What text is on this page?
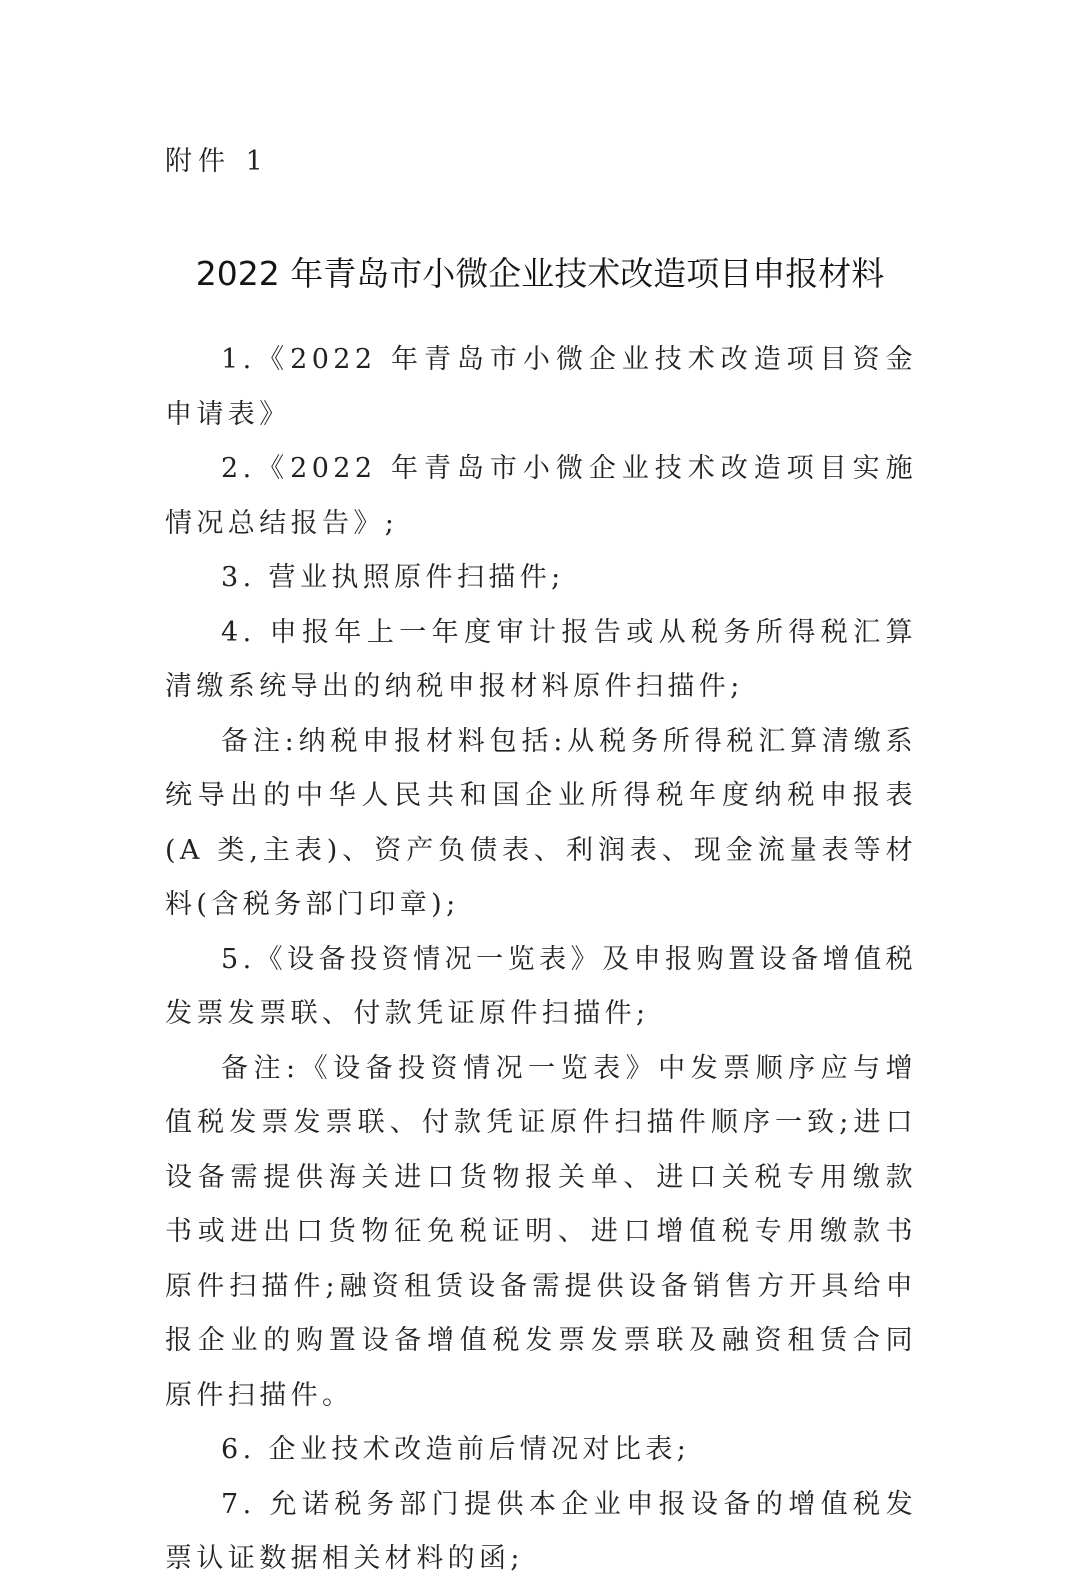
附件 1
2022 年青岛市小微企业技术改造项目申报材料

1.《2022 年青岛市小微企业技术改造项目资金申请表》

2.《2022 年青岛市小微企业技术改造项目实施情况总结报告》;

3. 营业执照原件扫描件;

4. 申报年上一年度审计报告或从税务所得税汇算清缴系统导出的纳税申报材料原件扫描件;

备注:纳税申报材料包括:从税务所得税汇算清缴系统导出的中华人民共和国企业所得税年度纳税申报表(A 类,主表)、资产负债表、利润表、现金流量表等材料(含税务部门印章);

5.《设备投资情况一览表》及申报购置设备增值税发票发票联、付款凭证原件扫描件;

备注:《设备投资情况一览表》中发票顺序应与增值税发票发票联、付款凭证原件扫描件顺序一致;进口设备需提供海关进口货物报关单、进口关税专用缴款书或进出口货物征免税证明、进口增值税专用缴款书原件扫描件;融资租赁设备需提供设备销售方开具给申报企业的购置设备增值税发票发票联及融资租赁合同原件扫描件。

6. 企业技术改造前后情况对比表;

7. 允诺税务部门提供本企业申报设备的增值税发票认证数据相关材料的函;
